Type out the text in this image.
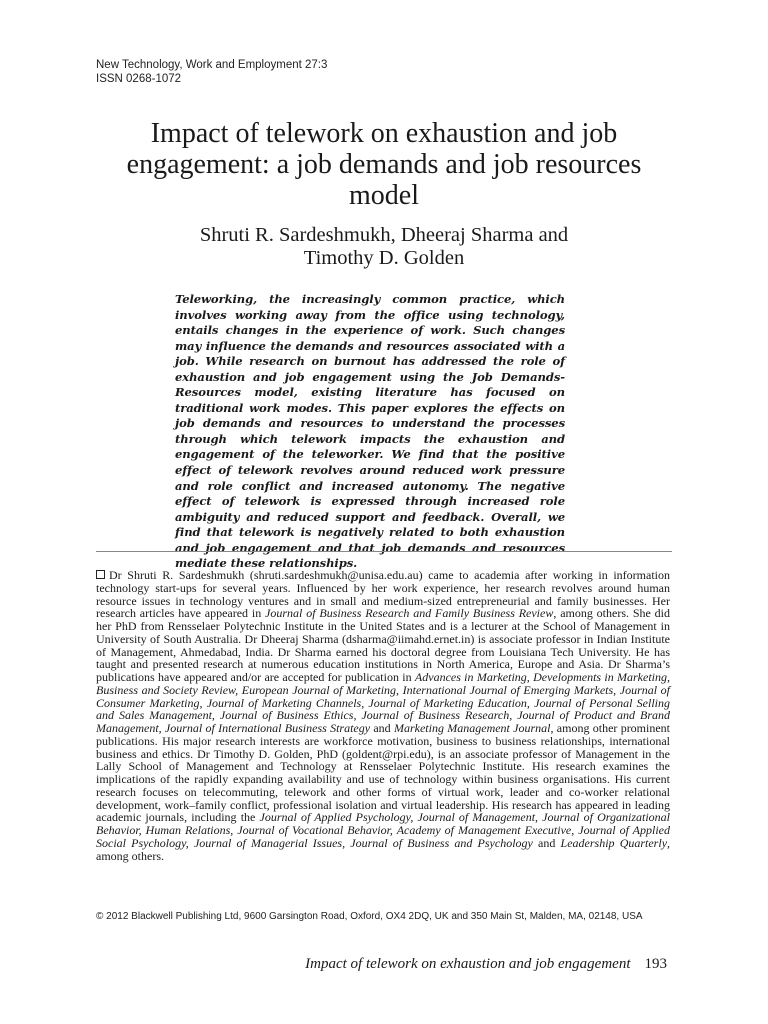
New Technology, Work and Employment 27:3
ISSN 0268-1072
Impact of telework on exhaustion and job engagement: a job demands and job resources model
Shruti R. Sardeshmukh, Dheeraj Sharma and
Timothy D. Golden

Teleworking, the increasingly common practice, which involves working away from the office using technology, entails changes in the experience of work. Such changes may influence the demands and resources associated with a job. While research on burnout has addressed the role of exhaustion and job engagement using the Job Demands-Resources model, existing literature has focused on traditional work modes. This paper explores the effects on job demands and resources to understand the processes through which telework impacts the exhaustion and engagement of the teleworker. We find that the positive effect of telework revolves around reduced work pressure and role conflict and increased autonomy. The negative effect of telework is expressed through increased role ambiguity and reduced support and feedback. Overall, we find that telework is negatively related to both exhaustion and job engagement and that job demands and resources mediate these relationships.

Dr Shruti R. Sardeshmukh (shruti.sardeshmukh@unisa.edu.au) came to academia after working in information technology start-ups for several years. Influenced by her work experience, her research revolves around human resource issues in technology ventures and in small and medium-sized entrepreneurial and family businesses. Her research articles have appeared in Journal of Business Research and Family Business Review, among others. She did her PhD from Rensselaer Polytechnic Institute in the United States and is a lecturer at the School of Management in University of South Australia. Dr Dheeraj Sharma (dsharma@iimahd.ernet.in) is associate professor in Indian Institute of Management, Ahmedabad, India. Dr Sharma earned his doctoral degree from Louisiana Tech University. He has taught and presented research at numerous education institutions in North America, Europe and Asia. Dr Sharma’s publications have appeared and/or are accepted for publication in Advances in Marketing, Developments in Marketing, Business and Society Review, European Journal of Marketing, International Journal of Emerging Markets, Journal of Consumer Marketing, Journal of Marketing Channels, Journal of Marketing Education, Journal of Personal Selling and Sales Management, Journal of Business Ethics, Journal of Business Research, Journal of Product and Brand Management, Journal of International Business Strategy and Marketing Management Journal, among other prominent publications. His major research interests are workforce motivation, business to business relationships, international business and ethics. Dr Timothy D. Golden, PhD (goldent@rpi.edu), is an associate professor of Management in the Lally School of Management and Technology at Rensselaer Polytechnic Institute. His research examines the implications of the rapidly expanding availability and use of technology within business organisations. His current research focuses on telecommuting, telework and other forms of virtual work, leader and co-worker relational development, work–family conflict, professional isolation and virtual leadership. His research has appeared in leading academic journals, including the Journal of Applied Psychology, Journal of Management, Journal of Organizational Behavior, Human Relations, Journal of Vocational Behavior, Academy of Management Executive, Journal of Applied Social Psychology, Journal of Managerial Issues, Journal of Business and Psychology and Leadership Quarterly, among others.

© 2012 Blackwell Publishing Ltd, 9600 Garsington Road, Oxford, OX4 2DQ, UK and 350 Main St, Malden, MA, 02148, USA
Impact of telework on exhaustion and job engagement 193
